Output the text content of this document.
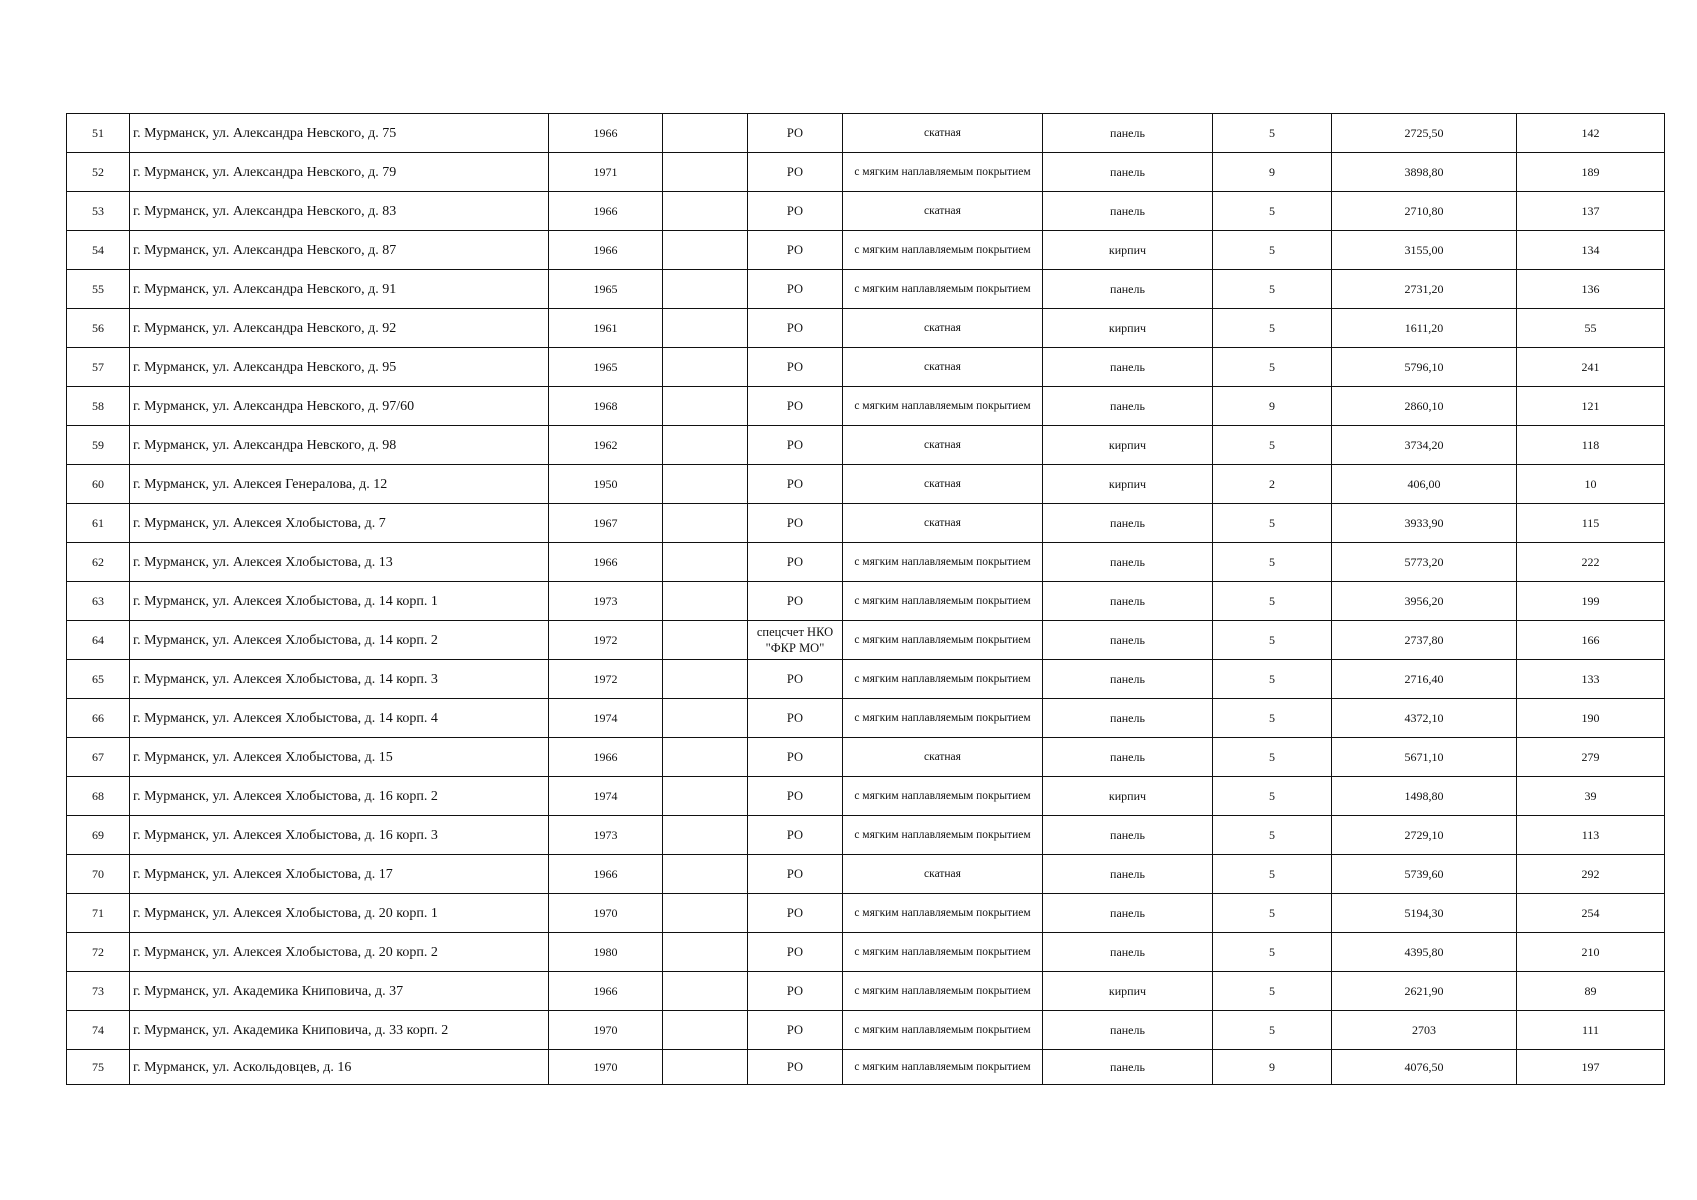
51	г. Мурманск, ул. Александра Невского, д. 75	1966		РО	скатная	панель	5	2725,50	142
52	г. Мурманск, ул. Александра Невского, д. 79	1971		РО	с мягким наплавляемым покрытием	панель	9	3898,80	189
53	г. Мурманск, ул. Александра Невского, д. 83	1966		РО	скатная	панель	5	2710,80	137
54	г. Мурманск, ул. Александра Невского, д. 87	1966		РО	с мягким наплавляемым покрытием	кирпич	5	3155,00	134
55	г. Мурманск, ул. Александра Невского, д. 91	1965		РО	с мягким наплавляемым покрытием	панель	5	2731,20	136
56	г. Мурманск, ул. Александра Невского, д. 92	1961		РО	скатная	кирпич	5	1611,20	55
57	г. Мурманск, ул. Александра Невского, д. 95	1965		РО	скатная	панель	5	5796,10	241
58	г. Мурманск, ул. Александра Невского, д. 97/60	1968		РО	с мягким наплавляемым покрытием	панель	9	2860,10	121
59	г. Мурманск, ул. Александра Невского, д. 98	1962		РО	скатная	кирпич	5	3734,20	118
60	г. Мурманск, ул. Алексея Генералова, д. 12	1950		РО	скатная	кирпич	2	406,00	10
61	г. Мурманск, ул. Алексея Хлобыстова, д. 7	1967		РО	скатная	панель	5	3933,90	115
62	г. Мурманск, ул. Алексея Хлобыстова, д. 13	1966		РО	с мягким наплавляемым покрытием	панель	5	5773,20	222
63	г. Мурманск, ул. Алексея Хлобыстова, д. 14 корп. 1	1973		РО	с мягким наплавляемым покрытием	панель	5	3956,20	199
64	г. Мурманск, ул. Алексея Хлобыстова, д. 14 корп. 2	1972		спецсчет НКО "ФКР МО"	с мягким наплавляемым покрытием	панель	5	2737,80	166
65	г. Мурманск, ул. Алексея Хлобыстова, д. 14 корп. 3	1972		РО	с мягким наплавляемым покрытием	панель	5	2716,40	133
66	г. Мурманск, ул. Алексея Хлобыстова, д. 14 корп. 4	1974		РО	с мягким наплавляемым покрытием	панель	5	4372,10	190
67	г. Мурманск, ул. Алексея Хлобыстова, д. 15	1966		РО	скатная	панель	5	5671,10	279
68	г. Мурманск, ул. Алексея Хлобыстова, д. 16 корп. 2	1974		РО	с мягким наплавляемым покрытием	кирпич	5	1498,80	39
69	г. Мурманск, ул. Алексея Хлобыстова, д. 16 корп. 3	1973		РО	с мягким наплавляемым покрытием	панель	5	2729,10	113
70	г. Мурманск, ул. Алексея Хлобыстова, д. 17	1966		РО	скатная	панель	5	5739,60	292
71	г. Мурманск, ул. Алексея Хлобыстова, д. 20 корп. 1	1970		РО	с мягким наплавляемым покрытием	панель	5	5194,30	254
72	г. Мурманск, ул. Алексея Хлобыстова, д. 20 корп. 2	1980		РО	с мягким наплавляемым покрытием	панель	5	4395,80	210
73	г. Мурманск, ул. Академика Книповича, д. 37	1966		РО	с мягким наплавляемым покрытием	кирпич	5	2621,90	89
74	г. Мурманск, ул. Академика Книповича, д. 33 корп. 2	1970		РО	с мягким наплавляемым покрытием	панель	5	2703	111
75	г. Мурманск, ул. Аскольдовцев, д. 16	1970		РО	с мягким наплавляемым покрытием	панель	9	4076,50	197
